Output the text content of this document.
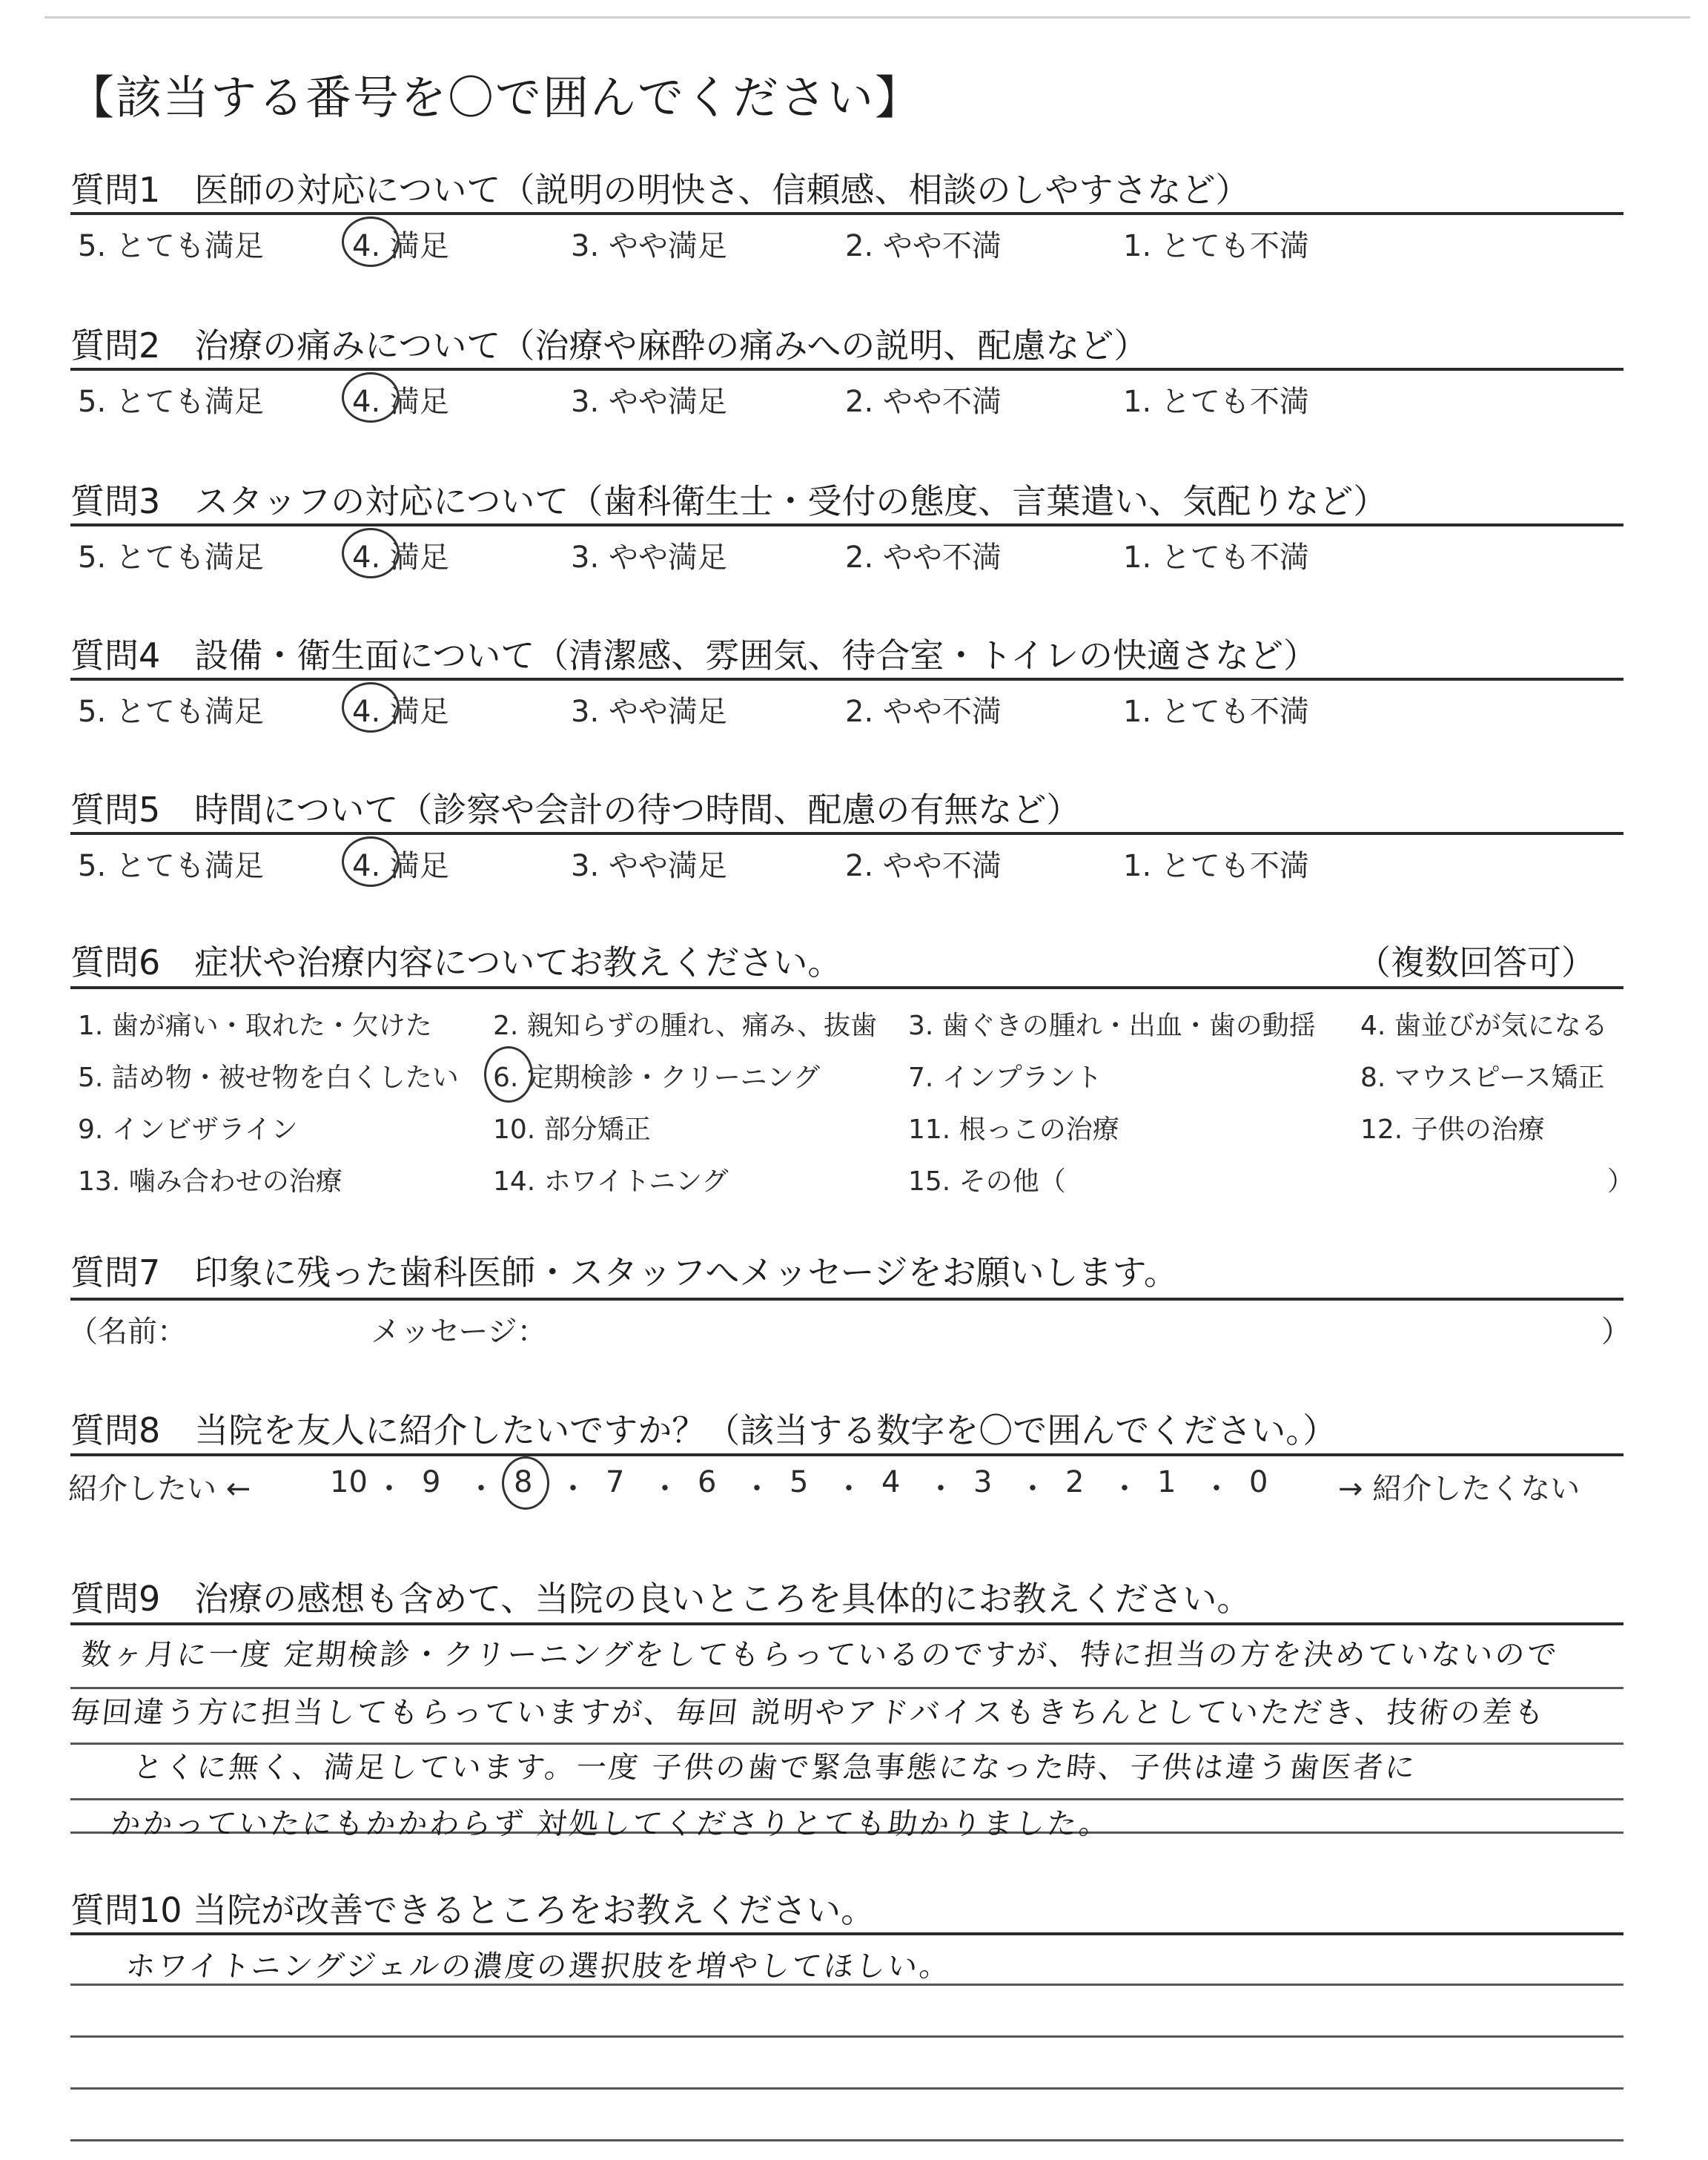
【該当する番号を〇で囲んでください】
質問1　医師の対応について（説明の明快さ、信頼感、相談のしやすさなど）
5. とても満足	4. 満足	3. やや満足	2. やや不満	1. とても不満
質問2　治療の痛みについて（治療や麻酔の痛みへの説明、配慮など）
5. とても満足	4. 満足	3. やや満足	2. やや不満	1. とても不満
質問3　スタッフの対応について（歯科衛生士・受付の態度、言葉遣い、気配りなど）
5. とても満足	4. 満足	3. やや満足	2. やや不満	1. とても不満
質問4　設備・衛生面について（清潔感、雰囲気、待合室・トイレの快適さなど）
5. とても満足	4. 満足	3. やや満足	2. やや不満	1. とても不満
質問5　時間について（診察や会計の待つ時間、配慮の有無など）
5. とても満足	4. 満足	3. やや満足	2. やや不満	1. とても不満
質問6　症状や治療内容についてお教えください。	（複数回答可）
1. 歯が痛い・取れた・欠けた 2. 親知らずの腫れ、痛み、抜歯 3. 歯ぐきの腫れ・出血・歯の動揺 4. 歯並びが気になる
5. 詰め物・被せ物を白くしたい 6. 定期検診・クリーニング	7. インプラント	8. マウスピース矯正
9. インビザライン	10. 部分矯正	11. 根っこの治療	12. 子供の治療
13. 噛み合わせの治療	14. ホワイトニング	15. その他（	）
質問7　印象に残った歯科医師・スタッフへメッセージをお願いします。
（名前：	メッセージ：	）
質問8　当院を友人に紹介したいですか？（該当する数字を〇で囲んでください。）
紹介したい ←	10 ・ 9 ・ 8 ・ 7 ・ 6 ・ 5 ・ 4 ・ 3 ・ 2 ・ 1 ・ 0 → 紹介したくない
質問9　治療の感想も含めて、当院の良いところを具体的にお教えください。
数ヶ月に一度 定期検診・クリーニングをしてもらっているのですが、特に担当の方を決めていないので
毎回違う方に担当してもらっていますが、毎回 説明やアドバイスもきちんとしていただき、技術の差も
とくに無く、満足しています。一度 子供の歯で緊急事態になった時、子供は違う歯医者に
かかっていたにもかかわらず 対処してくださりとても助かりました。
質問10 当院が改善できるところをお教えください。
ホワイトニングジェルの濃度の選択肢を増やしてほしい。
